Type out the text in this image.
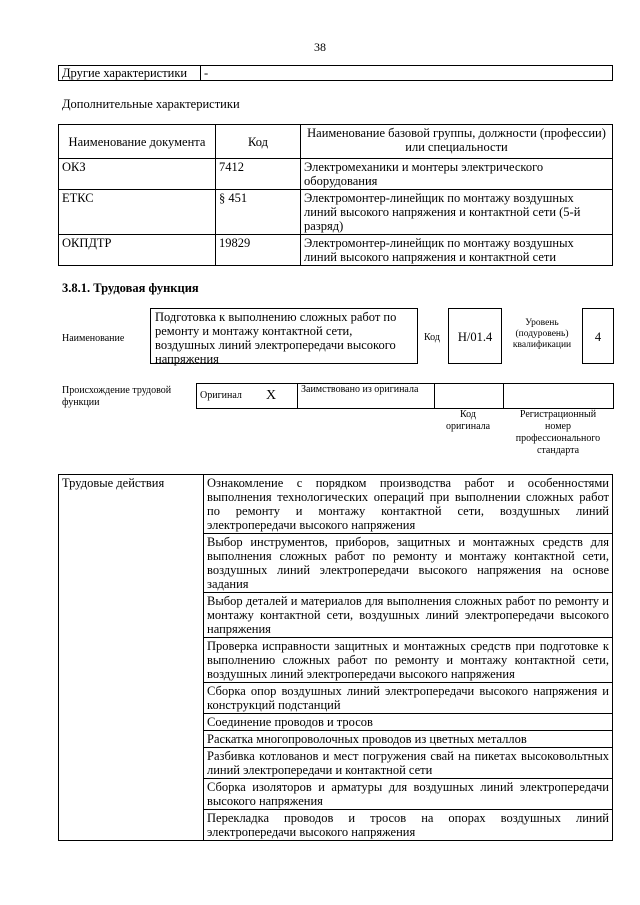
38
Другие характеристики	-
Дополнительные характеристики
Наименование документа	Код	Наименование базовой группы, должности (профессии) или специальности
ОКЗ	7412	Электромеханики и монтеры электрического оборудования
ЕТКС	§ 451	Электромонтер-линейщик по монтажу воздушных линий высокого напряжения и контактной сети (5-й разряд)
ОКПДТР	19829	Электромонтер-линейщик по монтажу воздушных линий высокого напряжения и контактной сети
3.8.1. Трудовая функция
Наименование
Подготовка к выполнению сложных работ по ремонту и монтажу контактной сети, воздушных линий электропередачи высокого напряжения
Код	Н/01.4
Уровень (подуровень) квалификации
4
Происхождение трудовой функции
Оригинал	X	Заимствовано из оригинала		
Код оригинала
Регистрационный номер профессионального стандарта
Трудовые действия	Ознакомление с порядком производства работ и особенностями выполнения технологических операций при выполнении сложных работ по ремонту и монтажу контактной сети, воздушных линий электропередачи высокого напряжения
Выбор инструментов, приборов, защитных и монтажных средств для выполнения сложных работ по ремонту и монтажу контактной сети, воздушных линий электропередачи высокого напряжения на основе задания
Выбор деталей и материалов для выполнения сложных работ по ремонту и монтажу контактной сети, воздушных линий электропередачи высокого напряжения
Проверка исправности защитных и монтажных средств при подготовке к выполнению сложных работ по ремонту и монтажу контактной сети, воздушных линий электропередачи высокого напряжения
Сборка опор воздушных линий электропередачи высокого напряжения и конструкций подстанций
Соединение проводов и тросов
Раскатка многопроволочных проводов из цветных металлов
Разбивка котлованов и мест погружения свай на пикетах высоковольтных линий электропередачи и контактной сети
Сборка изоляторов и арматуры для воздушных линий электропередачи высокого напряжения
Перекладка проводов и тросов на опорах воздушных линий электропередачи высокого напряжения
